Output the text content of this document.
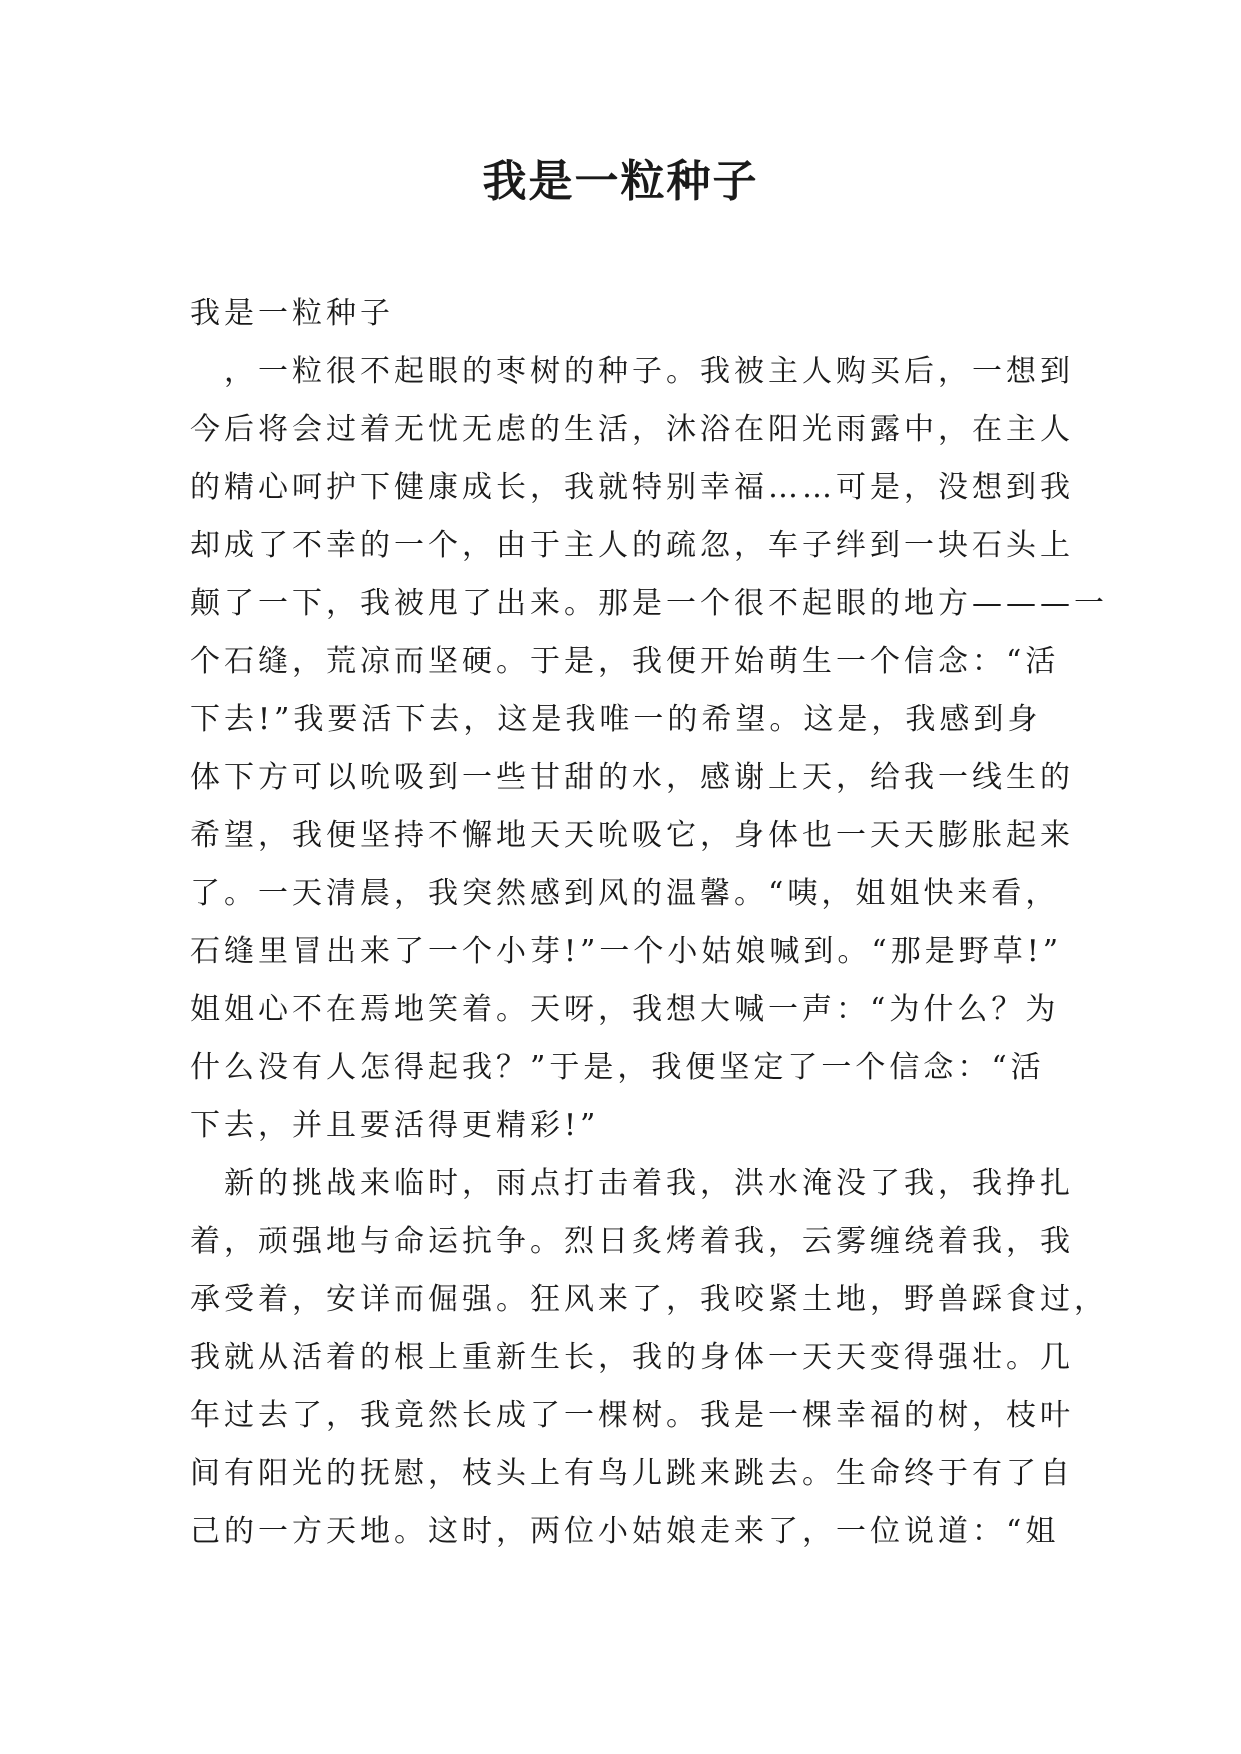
我是一粒种子
我是一粒种子
　，一粒很不起眼的枣树的种子。我被主人购买后，一想到
今后将会过着无忧无虑的生活，沐浴在阳光雨露中，在主人
的精心呵护下健康成长，我就特别幸福……可是，没想到我
却成了不幸的一个，由于主人的疏忽，车子绊到一块石头上
颠了一下，我被甩了出来。那是一个很不起眼的地方———一
个石缝，荒凉而坚硬。于是，我便开始萌生一个信念：“活
下去!”我要活下去，这是我唯一的希望。这是，我感到身
体下方可以吮吸到一些甘甜的水，感谢上天，给我一线生的
希望，我便坚持不懈地天天吮吸它，身体也一天天膨胀起来
了。一天清晨，我突然感到风的温馨。“咦，姐姐快来看，
石缝里冒出来了一个小芽!”一个小姑娘喊到。“那是野草!”
姐姐心不在焉地笑着。天呀，我想大喊一声：“为什么？为
什么没有人怎得起我？”于是，我便坚定了一个信念：“活
下去，并且要活得更精彩!”
　新的挑战来临时，雨点打击着我，洪水淹没了我，我挣扎
着，顽强地与命运抗争。烈日炙烤着我，云雾缠绕着我，我
承受着，安详而倔强。狂风来了，我咬紧土地，野兽踩食过，
我就从活着的根上重新生长，我的身体一天天变得强壮。几
年过去了，我竟然长成了一棵树。我是一棵幸福的树，枝叶
间有阳光的抚慰，枝头上有鸟儿跳来跳去。生命终于有了自
己的一方天地。这时，两位小姑娘走来了，一位说道：“姐
